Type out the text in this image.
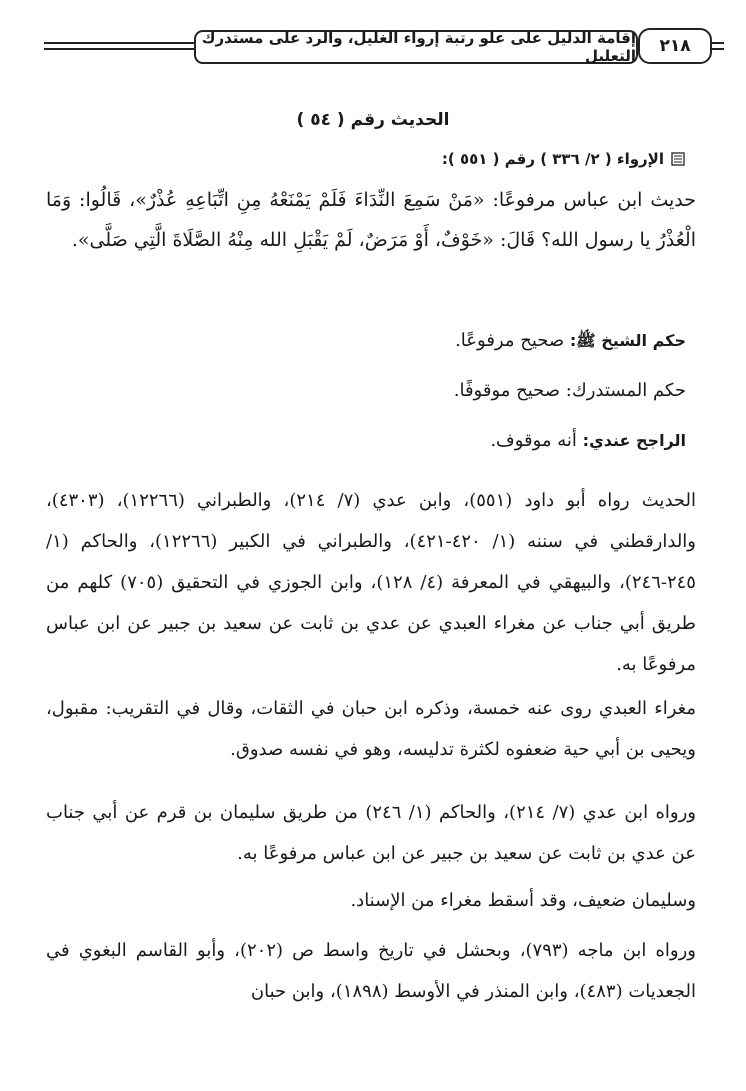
إقامة الدليل على علو رتبة إرواء الغليل، والرد على مستدرك التعليل	٢١٨
الحديث رقم ( ٥٤ )
الإرواء ( ٢/ ٣٣٦ ) رقم ( ٥٥١ ):
حديث ابن عباس مرفوعًا: «مَنْ سَمِعَ النِّدَاءَ فَلَمْ يَمْنَعْهُ مِنِ اتِّبَاعِهِ عُذْرٌ»، قَالُوا: وَمَا الْعُذْرُ يا رسول الله؟ قَالَ: «خَوْفٌ، أَوْ مَرَضٌ، لَمْ يَقْبَلِ الله مِنْهُ الصَّلَاةَ الَّتِي صَلَّى».
حكم الشيخ ﷺ: صحيح مرفوعًا.
حكم المستدرك: صحيح موقوفًا.
الراجح عندي: أنه موقوف.
الحديث رواه أبو داود (٥٥١)، وابن عدي (٧/ ٢١٤)، والطبراني (١٢٢٦٦)، (٤٣٠٣)، والدارقطني في سننه (١/ ٤٢٠-٤٢١)، والطبراني في الكبير (١٢٢٦٦)، والحاكم (١/ ٢٤٥-٢٤٦)، والبيهقي في المعرفة (٤/ ١٢٨)، وابن الجوزي في التحقيق (٧٠٥) كلهم من طريق أبي جناب عن مغراء العبدي عن عدي بن ثابت عن سعيد بن جبير عن ابن عباس مرفوعًا به.
مغراء العبدي روى عنه خمسة، وذكره ابن حبان في الثقات، وقال في التقريب: مقبول، ويحيى بن أبي حية ضعفوه لكثرة تدليسه، وهو في نفسه صدوق.
ورواه ابن عدي (٧/ ٢١٤)، والحاكم (١/ ٢٤٦) من طريق سليمان بن قرم عن أبي جناب عن عدي بن ثابت عن سعيد بن جبير عن ابن عباس مرفوعًا به.
وسليمان ضعيف، وقد أسقط مغراء من الإسناد.
ورواه ابن ماجه (٧٩٣)، وبحشل في تاريخ واسط ص (٢٠٢)، وأبو القاسم البغوي في الجعديات (٤٨٣)، وابن المنذر في الأوسط (١٨٩٨)، وابن حبان
